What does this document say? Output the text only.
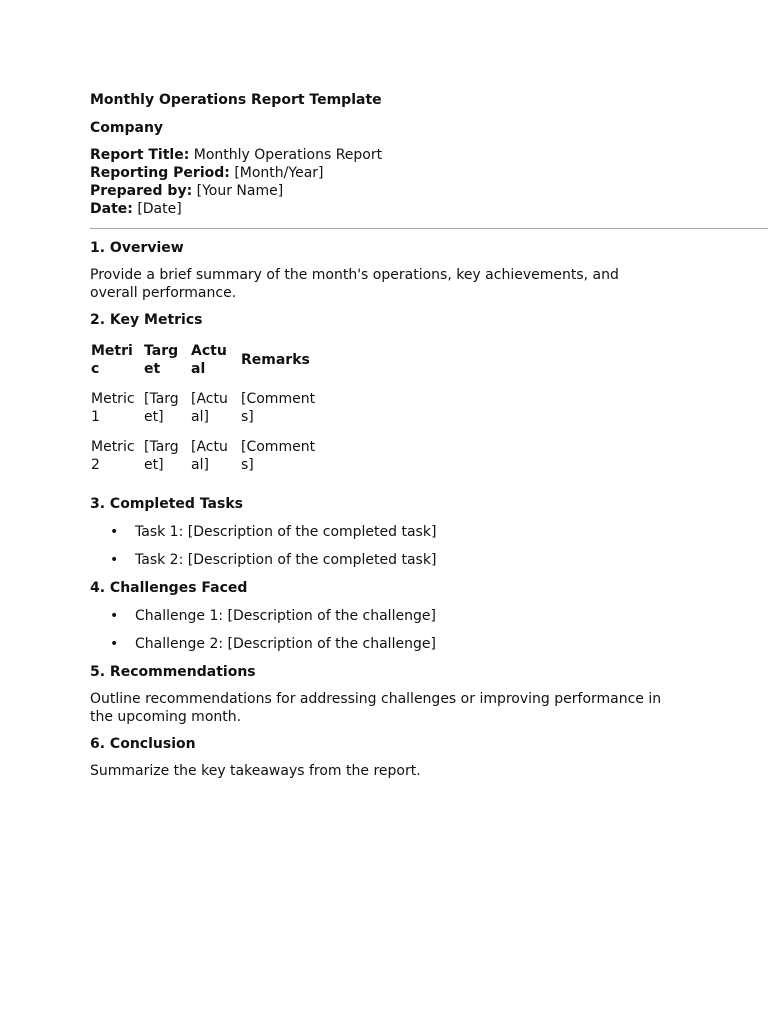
Monthly Operations Report Template

Company

Report Title: Monthly Operations Report

Reporting Period: [Month/Year]

Prepared by: [Your Name]

Date: [Date]

1. Overview

Provide a brief summary of the month's operations, key achievements, and overall performance.

2. Key Metrics

Metric	Target	Actual	Remarks
Metric 1	[Target]	[Actual]	[Comments]
Metric 2	[Target]	[Actual]	[Comments]

3. Completed Tasks

• Task 1: [Description of the completed task]
• Task 2: [Description of the completed task]

4. Challenges Faced

• Challenge 1: [Description of the challenge]
• Challenge 2: [Description of the challenge]

5. Recommendations

Outline recommendations for addressing challenges or improving performance in the upcoming month.

6. Conclusion

Summarize the key takeaways from the report.
